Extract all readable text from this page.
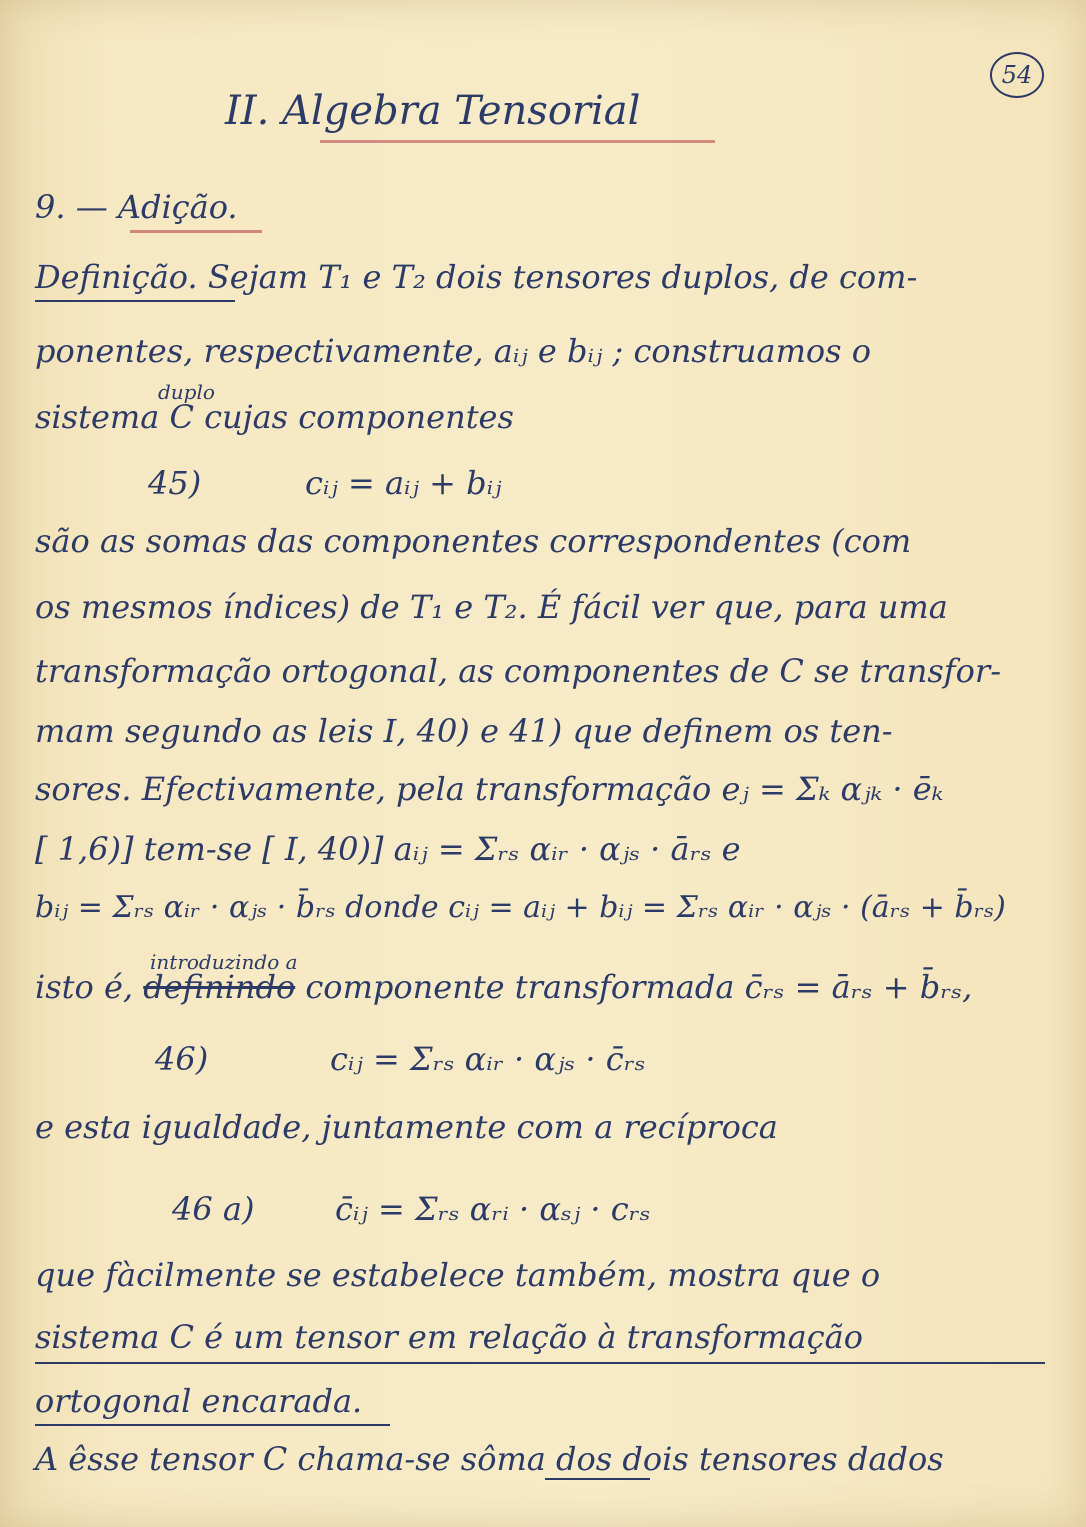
54
II. Algebra Tensorial
9. — Adição.
Definição. Sejam T₁ e T₂ dois tensores duplos, de com-
ponentes, respectivamente, aᵢⱼ e bᵢⱼ ; construamos o
duplo
sistema C cujas componentes
45)	cᵢⱼ = aᵢⱼ + bᵢⱼ
são as somas das componentes correspondentes (com
os mesmos índices) de T₁ e T₂. É fácil ver que, para uma
transformação ortogonal, as componentes de C se transfor-
mam segundo as leis I, 40) e 41) que definem os ten-
sores. Efectivamente, pela transformação eⱼ = Σₖ αⱼₖ · ēₖ
[ 1,6)] tem-se [ I, 40)] aᵢⱼ = Σᵣₛ αᵢᵣ · αⱼₛ · āᵣₛ e
bᵢⱼ = Σᵣₛ αᵢᵣ · αⱼₛ · b̄ᵣₛ donde cᵢⱼ = aᵢⱼ + bᵢⱼ = Σᵣₛ αᵢᵣ · αⱼₛ · (āᵣₛ + b̄ᵣₛ)
introduzindo a
isto é, definindo componente transformada c̄ᵣₛ = āᵣₛ + b̄ᵣₛ,
46)	cᵢⱼ = Σᵣₛ αᵢᵣ · αⱼₛ · c̄ᵣₛ
e esta igualdade, juntamente com a recíproca
46 a)	c̄ᵢⱼ = Σᵣₛ αᵣᵢ · αₛⱼ · cᵣₛ
que fàcilmente se estabelece também, mostra que o
sistema C é um tensor em relação à transformação
ortogonal encarada.
A êsse tensor C chama-se sôma dos dois tensores dados
